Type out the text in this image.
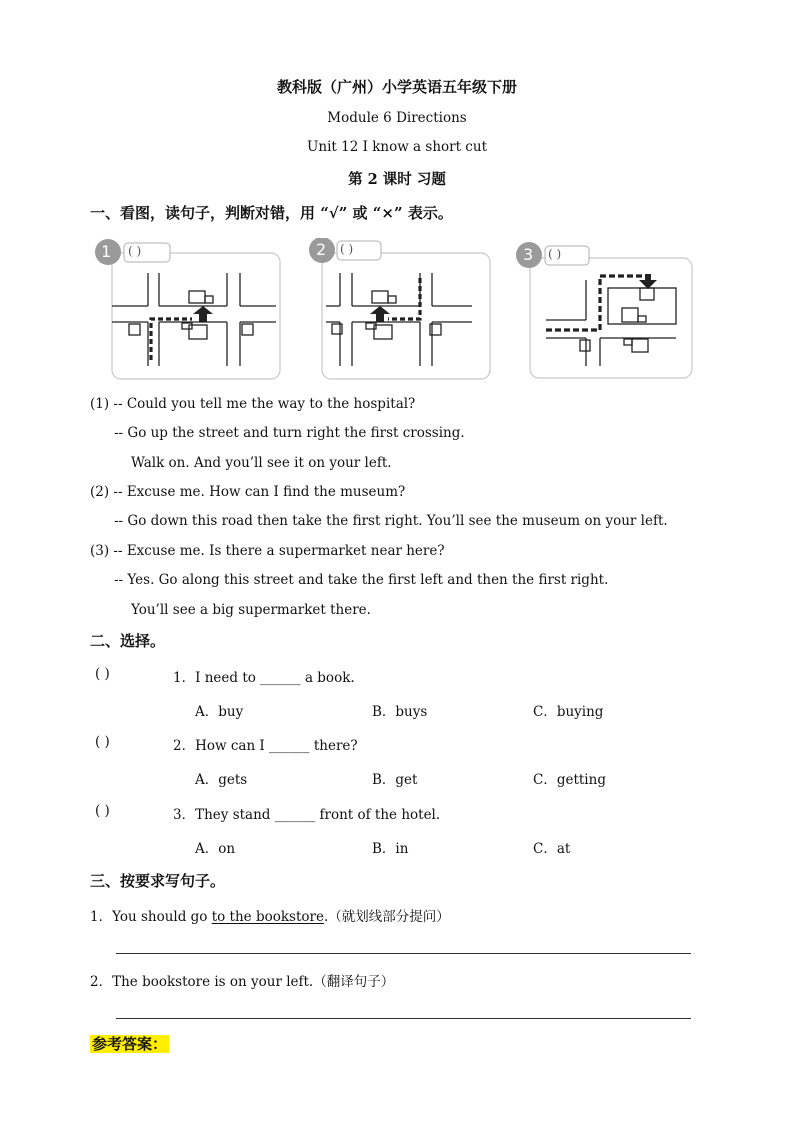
教科版（广州）小学英语五年级下册
Module 6 Directions
Unit 12 I know a short cut
第 2 课时 习题
一、看图，读句子，判断对错，用 “√” 或 “×” 表示。
1 ( )	2 ( )	3 ( )
(1) -- Could you tell me the way to the hospital?
-- Go up the street and turn right the first crossing.
Walk on. And you’ll see it on your left.
(2) -- Excuse me. How can I find the museum?
-- Go down this road then take the first right. You’ll see the museum on your left.
(3) -- Excuse me. Is there a supermarket near here?
-- Yes. Go along this street and take the first left and then the first right.
You’ll see a big supermarket there.
二、选择。
( )	1．I need to ______ a book.
A．buy	B．buys	C．buying
( )	2．How can I ______ there?
A．gets	B．get	C．getting
( )	3．They stand ______ front of the hotel.
A．on	B．in	C．at
三、按要求写句子。
1．You should go to the bookstore.（就划线部分提问）
2．The bookstore is on your left.（翻译句子）
参考答案：
